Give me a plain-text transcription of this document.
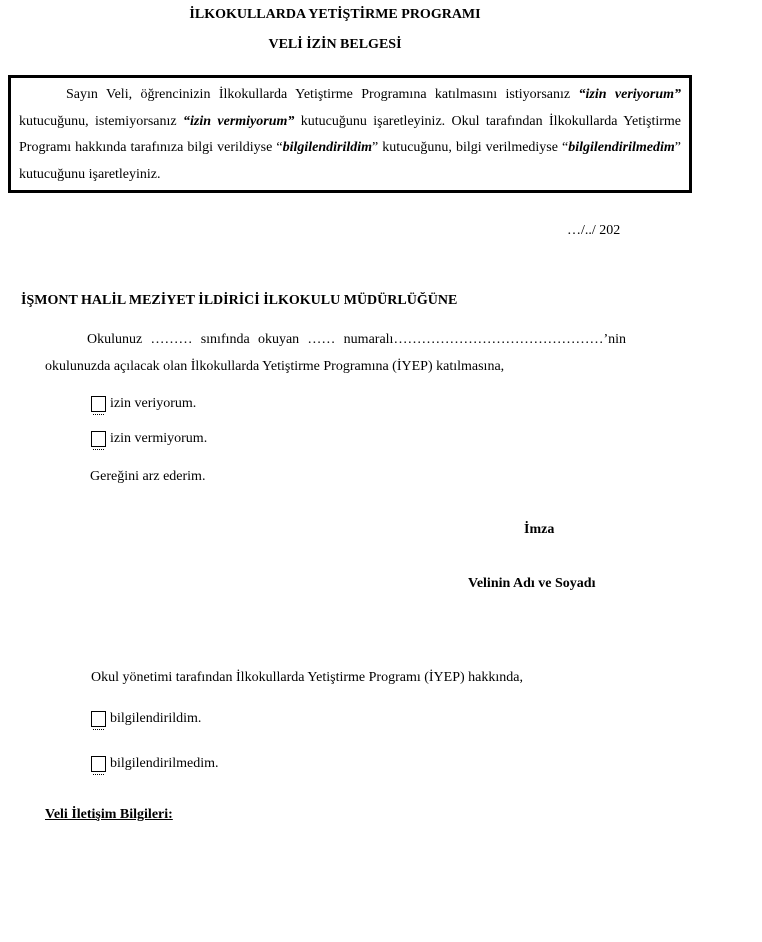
İLKOKULLARDA YETİŞTİRME PROGRAMI
VELİ İZİN BELGESİ

Sayın Veli, öğrencinizin İlkokullarda Yetiştirme Programına katılmasını istiyorsanız “izin veriyorum” kutucuğunu, istemiyorsanız “izin vermiyorum” kutucuğunu işaretleyiniz. Okul tarafından İlkokullarda Yetiştirme Programı hakkında tarafınıza bilgi verildiyse “bilgilendirildim” kutucuğunu, bilgi verilmediyse “bilgilendirilmedim” kutucuğunu işaretleyiniz.

…/../ 202
İŞMONT HALİL MEZİYET İLDİRİCİ İLKOKULU MÜDÜRLÜĞÜNE
Okulunuz ……… sınıfında okuyan …… numaralı………………………………………’nin
okulunuzda açılacak olan İlkokullarda Yetiştirme Programına (İYEP) katılmasına,
izin veriyorum.
izin vermiyorum.
Gereğini arz ederim.
İmza
Velinin Adı ve Soyadı
Okul yönetimi tarafından İlkokullarda Yetiştirme Programı (İYEP) hakkında,
bilgilendirildim.
bilgilendirilmedim.
Veli İletişim Bilgileri:
